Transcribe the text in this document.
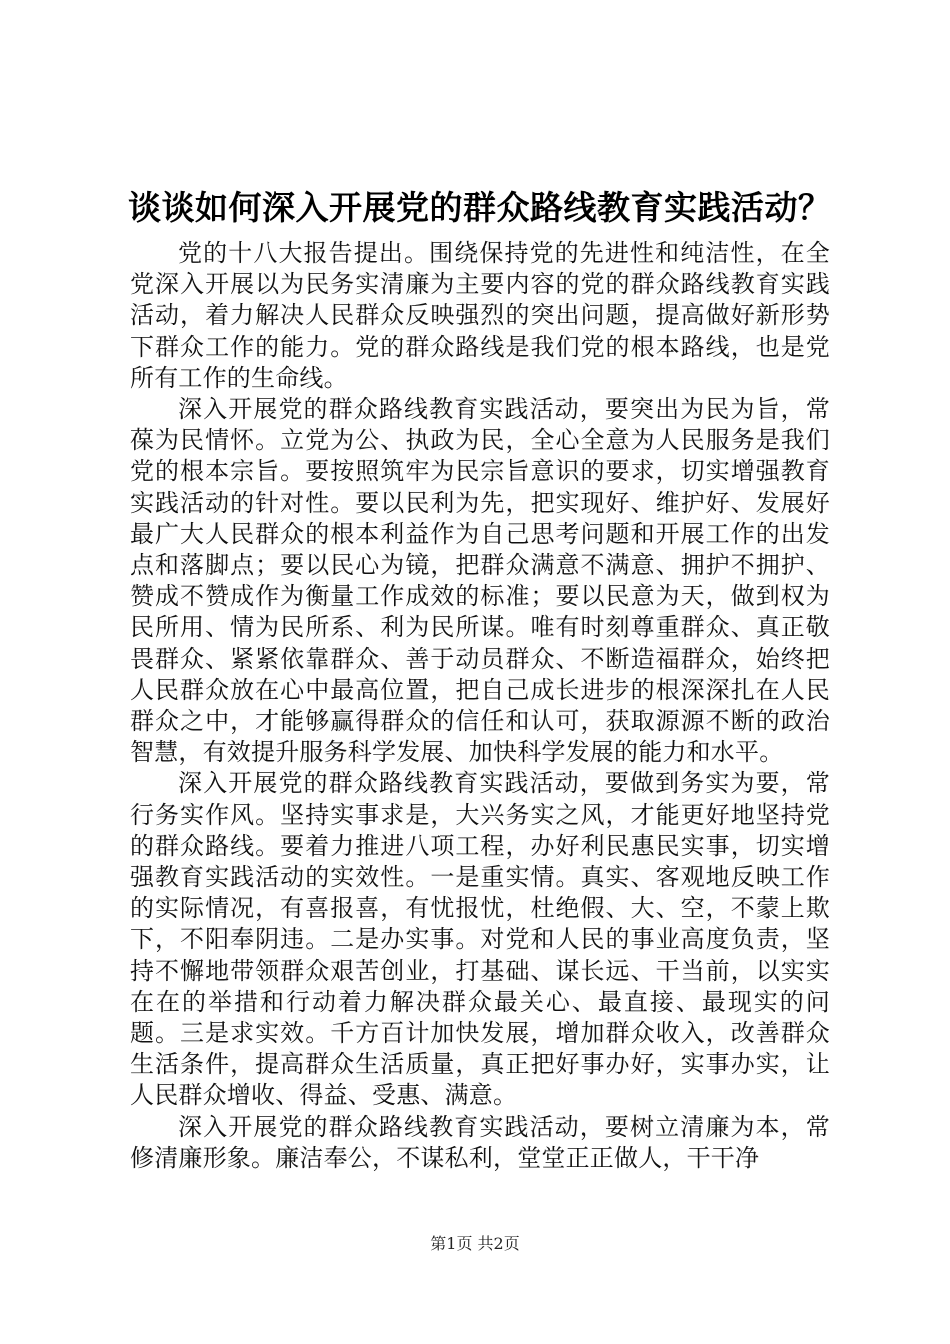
谈谈如何深入开展党的群众路线教育实践活动？

党的十八大报告提出。围绕保持党的先进性和纯洁性，在全党深入开展以为民务实清廉为主要内容的党的群众路线教育实践活动，着力解决人民群众反映强烈的突出问题，提高做好新形势下群众工作的能力。党的群众路线是我们党的根本路线，也是党所有工作的生命线。

深入开展党的群众路线教育实践活动，要突出为民为旨，常葆为民情怀。立党为公、执政为民，全心全意为人民服务是我们党的根本宗旨。要按照筑牢为民宗旨意识的要求，切实增强教育实践活动的针对性。要以民利为先，把实现好、维护好、发展好最广大人民群众的根本利益作为自己思考问题和开展工作的出发点和落脚点；要以民心为镜，把群众满意不满意、拥护不拥护、赞成不赞成作为衡量工作成效的标准；要以民意为天，做到权为民所用、情为民所系、利为民所谋。唯有时刻尊重群众、真正敬畏群众、紧紧依靠群众、善于动员群众、不断造福群众，始终把人民群众放在心中最高位置，把自己成长进步的根深深扎在人民群众之中，才能够赢得群众的信任和认可，获取源源不断的政治智慧，有效提升服务科学发展、加快科学发展的能力和水平。

深入开展党的群众路线教育实践活动，要做到务实为要，常行务实作风。坚持实事求是，大兴务实之风，才能更好地坚持党的群众路线。要着力推进八项工程，办好利民惠民实事，切实增强教育实践活动的实效性。一是重实情。真实、客观地反映工作的实际情况，有喜报喜，有忧报忧，杜绝假、大、空，不蒙上欺下，不阳奉阴违。二是办实事。对党和人民的事业高度负责，坚持不懈地带领群众艰苦创业，打基础、谋长远、干当前，以实实在在的举措和行动着力解决群众最关心、最直接、最现实的问题。三是求实效。千方百计加快发展，增加群众收入，改善群众生活条件，提高群众生活质量，真正把好事办好，实事办实，让人民群众增收、得益、受惠、满意。

深入开展党的群众路线教育实践活动，要树立清廉为本，常修清廉形象。廉洁奉公，不谋私利，堂堂正正做人，干干净

第1页 共2页
